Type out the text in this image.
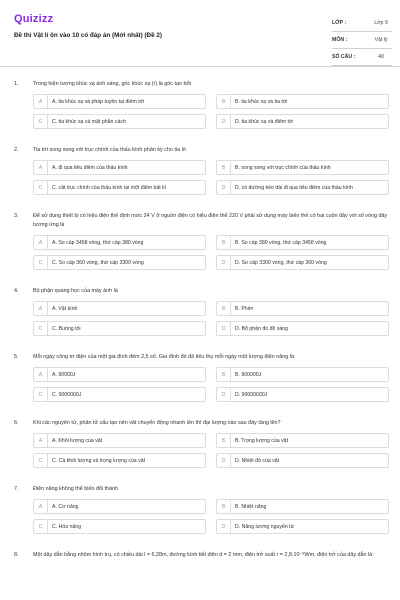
Quizizz
Đề thi Vật lí ôn vào 10 có đáp án (Mới nhất) (Đề 2)
LỚP :	Lớp 9
MÔN :	Vật lý
SỐ CÂU :	40
1.	Trong hiện tượng khúc xạ ánh sáng, góc khúc xạ (r) là góc tạo bởi
A	A. tia khúc xạ và pháp tuyến tại điểm tới	B	B. tia khúc xạ và tia tới
C	C. tia khúc xạ và mặt phân cách	D	D. tia khúc xạ và điểm tới
2.	Tia tới song song với trục chính của thấu kính phân kỳ cho tia ló
A	A. đi qua tiêu điểm của thấu kính	B	B. song song với trục chính của thấu kính
C	C. cắt trục chính của thấu kính tại một điểm bất kì	D	D. có đường kéo dài đi qua tiêu điểm của thấu kính
3.	Để sử dụng thiết bị có hiệu điện thế định mức 24 V ở nguồn điện có hiệu điện thế 220 V phải sử dụng máy biến thế có hai cuộn dây với số vòng dây tương ứng là
A	A. So cấp 3458 vòng, thứ cấp 380 vòng	B	B. So cấp 380 vòng, thứ cấp 3458 vòng
C	C. So cấp 360 vòng, thứ cấp 3300 vòng	D	D. So cấp 3300 vòng, thứ cấp 360 vòng
4.	Bộ phận quang học của máy ảnh là
A	A. Vật kính	B	B. Phim
C	C. Buồng tối	D	D. Bộ phận đo độ sáng
5.	Mỗi ngày công tơ điện của một gia đình đếm 2,5 số. Gia đình đó đã tiêu thụ mỗi ngày một lượng điện năng là:
A	A. 90000J	B	B. 900000J
C	C. 9000000J	D	D. 90000000J
6.	Khi các nguyên tử, phân tử cấu tạo nên vật chuyển động nhanh lên thì đại lượng nào sau đây tăng lên?
A	A. Khối lượng của vật	B	B. Trọng lượng của vật
C	C. Cả khối lượng và trọng lượng của vật	D	D. Nhiệt độ của vật
7.	Điện năng không thể biến đổi thành
A	A. Cơ năng	B	B. Nhiệt năng
C	C. Hóa năng	D	D. Năng lượng nguyên tử
8.	Một dây dẫn bằng nhôm hình trụ, có chiều dài l = 6,28m, đường kính tiết diện d = 2 mm, điện trở suất r = 2,8.10⁻⁸Wm, điện trở của dây dẫn là:
